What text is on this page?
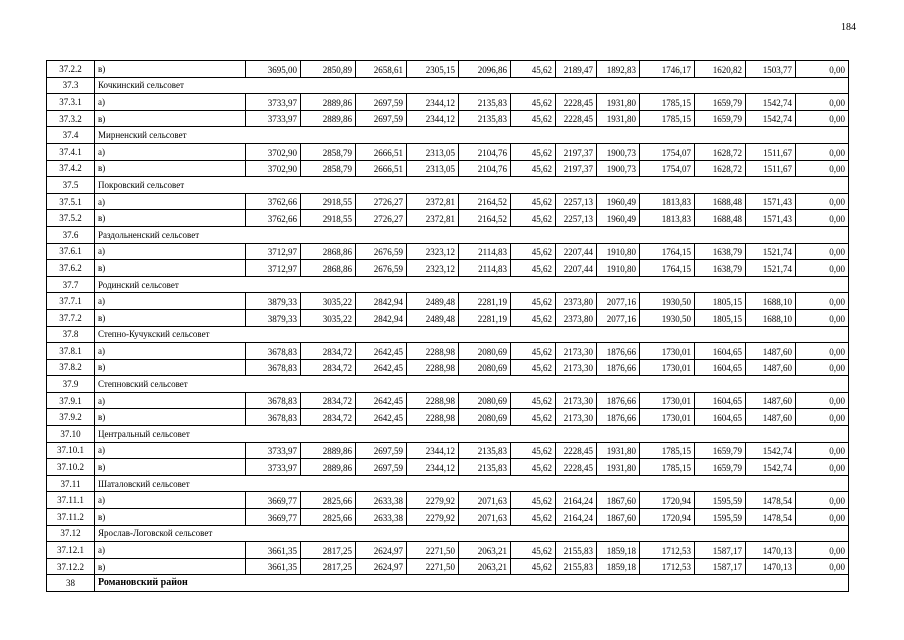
184
37.2.2	в)	3695,00	2850,89	2658,61	2305,15	2096,86	45,62	2189,47	1892,83	1746,17	1620,82	1503,77	0,00
37.3	Кочкинский сельсовет												
37.3.1	а)	3733,97	2889,86	2697,59	2344,12	2135,83	45,62	2228,45	1931,80	1785,15	1659,79	1542,74	0,00
37.3.2	в)	3733,97	2889,86	2697,59	2344,12	2135,83	45,62	2228,45	1931,80	1785,15	1659,79	1542,74	0,00
37.4	Мирненский сельсовет												
37.4.1	а)	3702,90	2858,79	2666,51	2313,05	2104,76	45,62	2197,37	1900,73	1754,07	1628,72	1511,67	0,00
37.4.2	в)	3702,90	2858,79	2666,51	2313,05	2104,76	45,62	2197,37	1900,73	1754,07	1628,72	1511,67	0,00
37.5	Покровский сельсовет												
37.5.1	а)	3762,66	2918,55	2726,27	2372,81	2164,52	45,62	2257,13	1960,49	1813,83	1688,48	1571,43	0,00
37.5.2	в)	3762,66	2918,55	2726,27	2372,81	2164,52	45,62	2257,13	1960,49	1813,83	1688,48	1571,43	0,00
37.6	Раздольненский сельсовет												
37.6.1	а)	3712,97	2868,86	2676,59	2323,12	2114,83	45,62	2207,44	1910,80	1764,15	1638,79	1521,74	0,00
37.6.2	в)	3712,97	2868,86	2676,59	2323,12	2114,83	45,62	2207,44	1910,80	1764,15	1638,79	1521,74	0,00
37.7	Родинский сельсовет												
37.7.1	а)	3879,33	3035,22	2842,94	2489,48	2281,19	45,62	2373,80	2077,16	1930,50	1805,15	1688,10	0,00
37.7.2	в)	3879,33	3035,22	2842,94	2489,48	2281,19	45,62	2373,80	2077,16	1930,50	1805,15	1688,10	0,00
37.8	Степно-Кучукский сельсовет												
37.8.1	а)	3678,83	2834,72	2642,45	2288,98	2080,69	45,62	2173,30	1876,66	1730,01	1604,65	1487,60	0,00
37.8.2	в)	3678,83	2834,72	2642,45	2288,98	2080,69	45,62	2173,30	1876,66	1730,01	1604,65	1487,60	0,00
37.9	Степновский сельсовет												
37.9.1	а)	3678,83	2834,72	2642,45	2288,98	2080,69	45,62	2173,30	1876,66	1730,01	1604,65	1487,60	0,00
37.9.2	в)	3678,83	2834,72	2642,45	2288,98	2080,69	45,62	2173,30	1876,66	1730,01	1604,65	1487,60	0,00
37.10	Центральный сельсовет												
37.10.1	а)	3733,97	2889,86	2697,59	2344,12	2135,83	45,62	2228,45	1931,80	1785,15	1659,79	1542,74	0,00
37.10.2	в)	3733,97	2889,86	2697,59	2344,12	2135,83	45,62	2228,45	1931,80	1785,15	1659,79	1542,74	0,00
37.11	Шаталовский сельсовет												
37.11.1	а)	3669,77	2825,66	2633,38	2279,92	2071,63	45,62	2164,24	1867,60	1720,94	1595,59	1478,54	0,00
37.11.2	в)	3669,77	2825,66	2633,38	2279,92	2071,63	45,62	2164,24	1867,60	1720,94	1595,59	1478,54	0,00
37.12	Ярослав-Логовской сельсовет												
37.12.1	а)	3661,35	2817,25	2624,97	2271,50	2063,21	45,62	2155,83	1859,18	1712,53	1587,17	1470,13	0,00
37.12.2	в)	3661,35	2817,25	2624,97	2271,50	2063,21	45,62	2155,83	1859,18	1712,53	1587,17	1470,13	0,00
38	Романовский район												
